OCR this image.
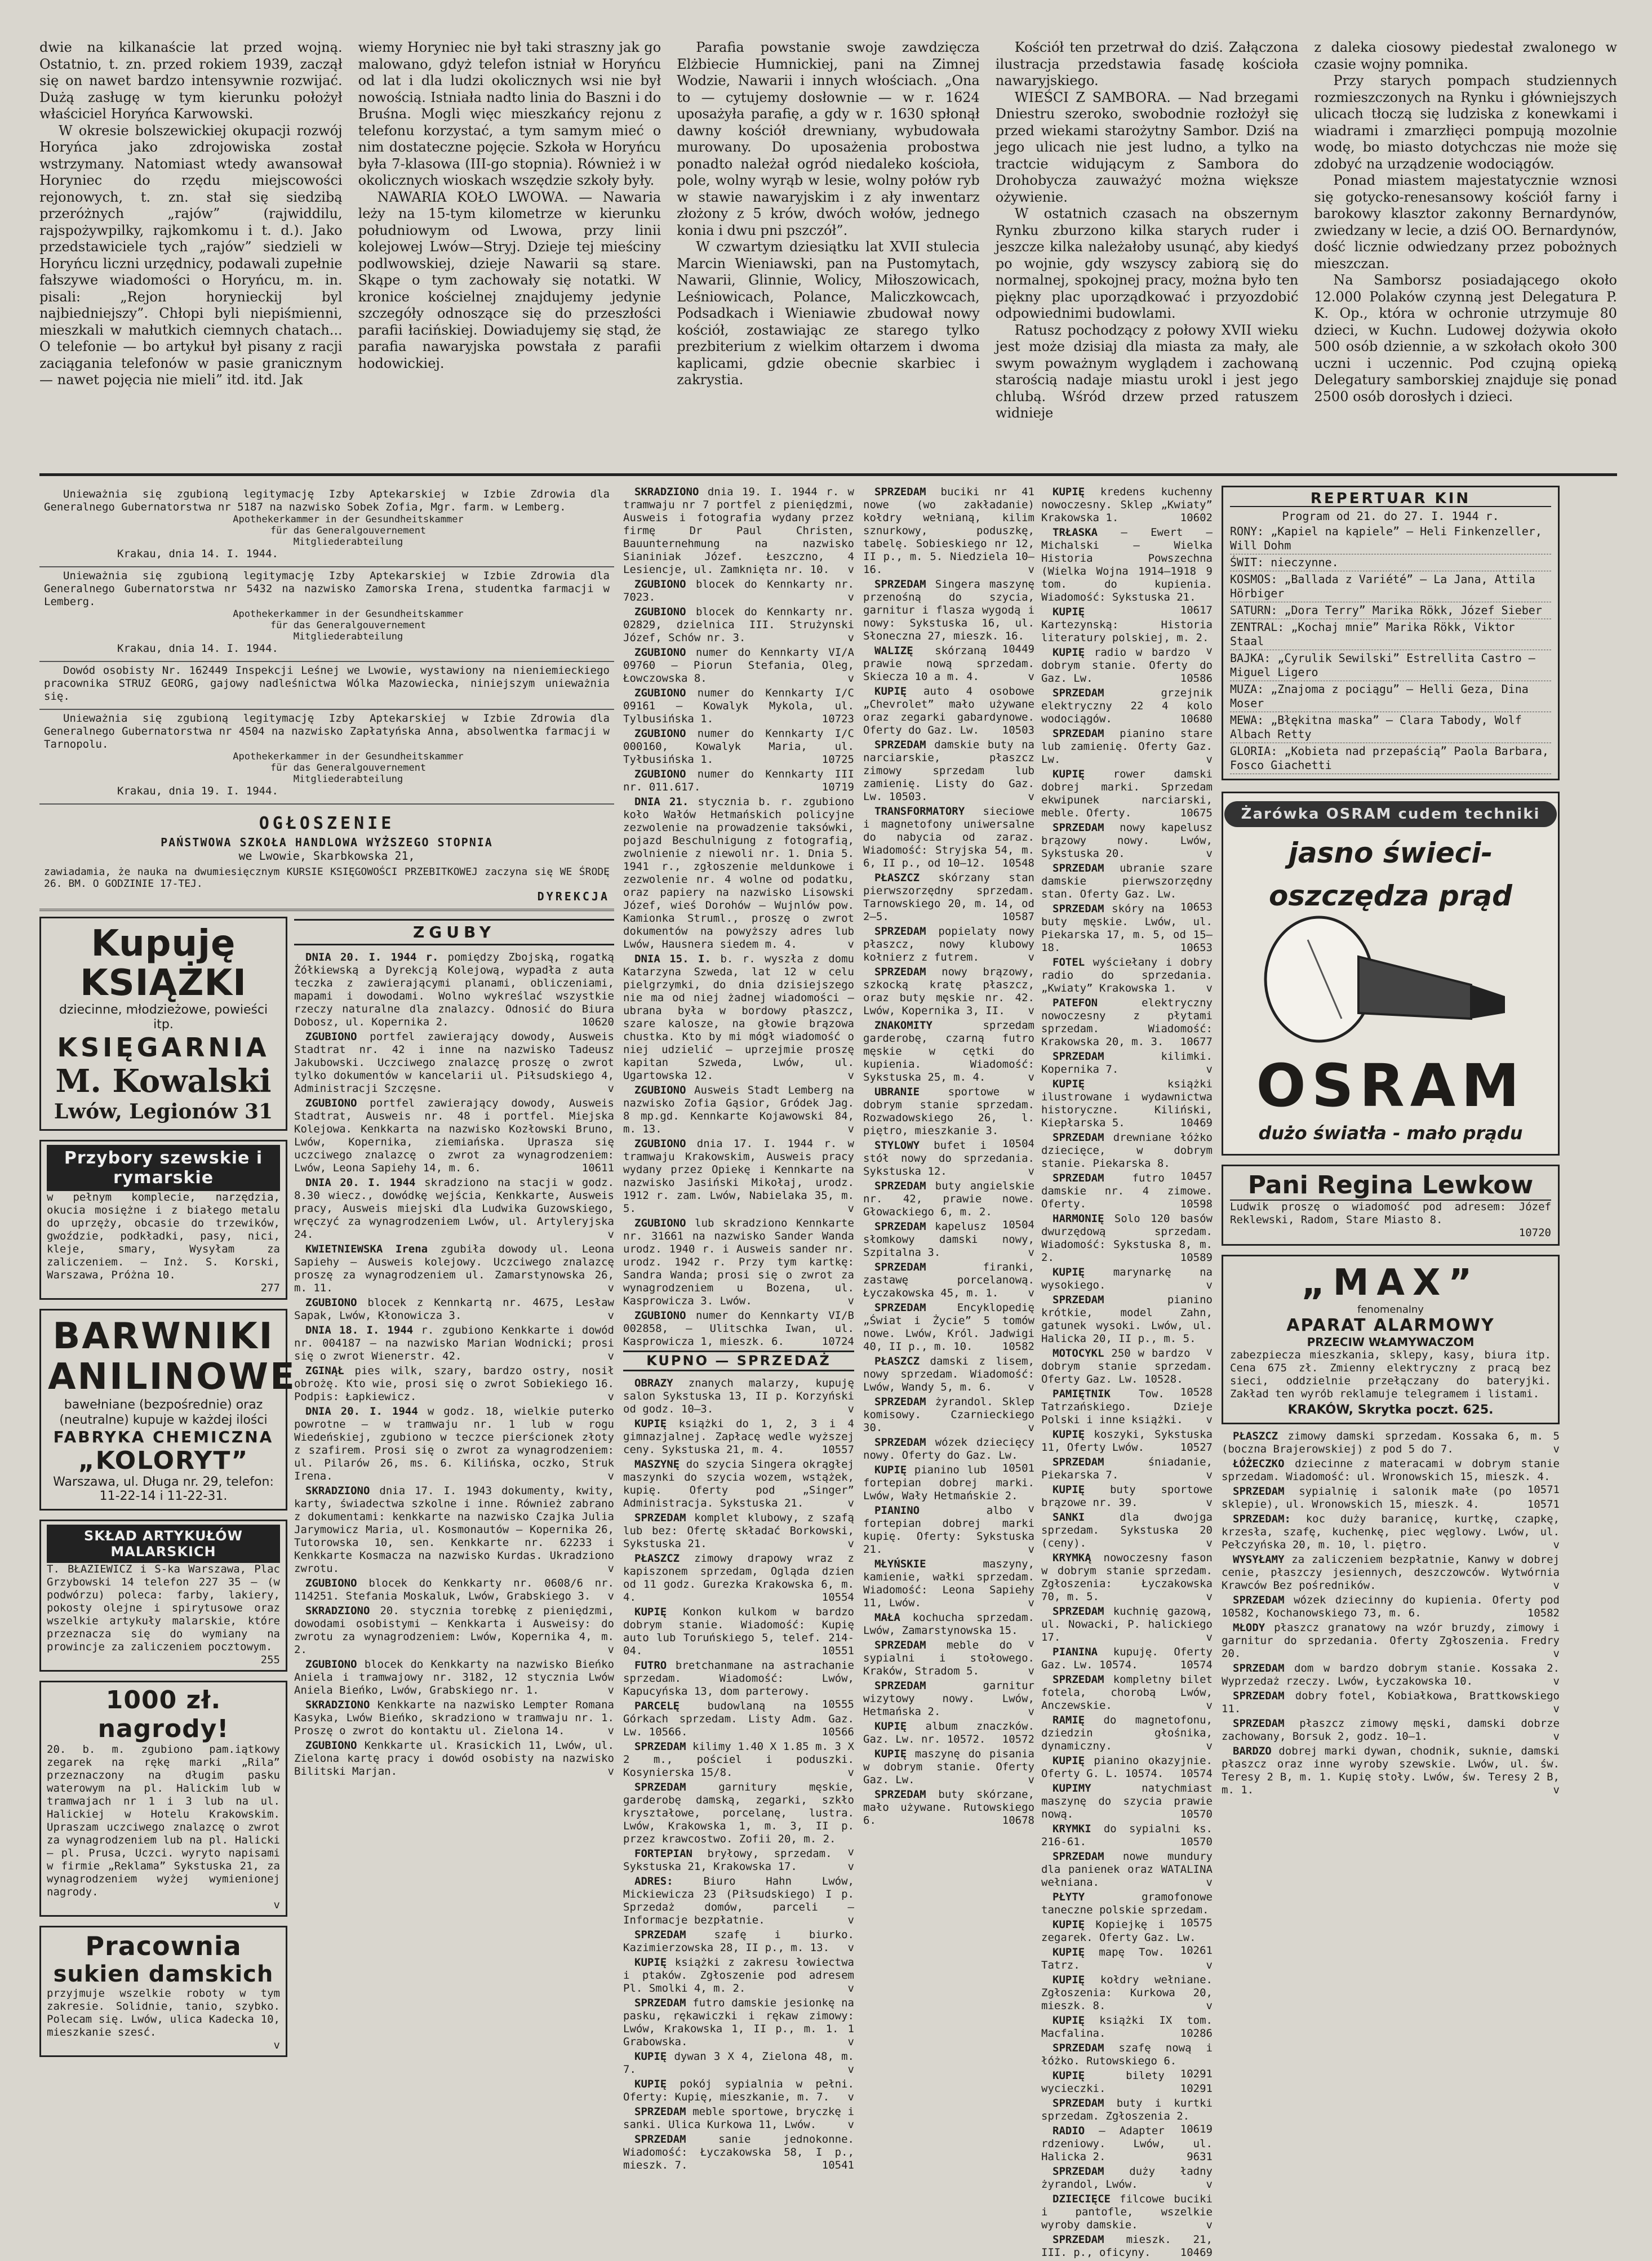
dwie na kilkanaście lat przed wojną. Ostatnio, t. zn. przed rokiem 1939, zaczął się on nawet bardzo intensywnie rozwijać. Dużą zasługę w tym kierunku położył właściciel Horyńca Karwowski.

W okresie bolszewickiej okupacji rozwój Horyńca jako zdrojowiska został wstrzymany. Natomiast wtedy awansował Horyniec do rzędu miejscowości rejonowych, t. zn. stał się siedzibą przeróżnych „rajów” (rajwiddilu, rajspożywpilky, rajkomkomu i t. d.). Jako przedstawiciele tych „rajów” siedzieli w Horyńcu liczni urzędnicy, podawali zupełnie fałszywe wiadomości o Horyńcu, m. in. pisali: „Rejon horynieckij byl najbiedniejszy”. Chłopi byli niepiśmienni, mieszkali w małutkich ciemnych chatach... O telefonie — bo artykuł był pisany z racji zaciągania telefonów w pasie granicznym — nawet pojęcia nie mieli” itd. itd. Jak

wiemy Horyniec nie był taki straszny jak go malowano, gdyż telefon istniał w Horyńcu od lat i dla ludzi okolicznych wsi nie był nowością. Istniała nadto linia do Baszni i do Bruśna. Mogli więc mieszkańcy rejonu z telefonu korzystać, a tym samym mieć o nim dostateczne pojęcie. Szkoła w Horyńcu była 7-klasowa (III-go stopnia). Również i w okolicznych wioskach wszędzie szkoły były.

NAWARIA KOŁO LWOWA. — Nawaria leży na 15-tym kilometrze w kierunku południowym od Lwowa, przy linii kolejowej Lwów—Stryj. Dzieje tej mieściny podlwowskiej, dzieje Nawarii są stare. Skąpe o tym zachowały się notatki. W kronice kościelnej znajdujemy jedynie szczegóły odnoszące się do przeszłości parafii łacińskiej. Dowiadujemy się stąd, że parafia nawaryjska powstała z parafii hodowickiej.

Parafia powstanie swoje zawdzięcza Elżbiecie Humnickiej, pani na Zimnej Wodzie, Nawarii i innych włościach. „Ona to — cytujemy dosłownie — w r. 1624 uposażyła parafię, a gdy w r. 1630 spłonął dawny kościół drewniany, wybudowała murowany. Do uposażenia probostwa ponadto należał ogród niedaleko kościoła, pole, wolny wyrąb w lesie, wolny połów ryb w stawie nawaryjskim i z ały inwentarz złożony z 5 krów, dwóch wołów, jednego konia i dwu pni pszczół”.

W czwartym dziesiątku lat XVII stulecia Marcin Wieniawski, pan na Pustomytach, Nawarii, Glinnie, Wolicy, Miłoszowicach, Leśniowicach, Polance, Maliczkowcach, Podsadkach i Wieniawie zbudował nowy kościół, zostawiając ze starego tylko prezbiterium z wielkim ołtarzem i dwoma kaplicami, gdzie obecnie skarbiec i zakrystia.

Kościół ten przetrwał do dziś. Załączona ilustracja przedstawia fasadę kościoła nawaryjskiego.

WIEŚCI Z SAMBORA. — Nad brzegami Dniestru szeroko, swobodnie rozłożył się przed wiekami starożytny Sambor. Dziś na jego ulicach nie jest ludno, a tylko na tractcie widującym z Sambora do Drohobycza zauważyć można większe ożywienie.

W ostatnich czasach na obszernym Rynku zburzono kilka starych ruder i jeszcze kilka należałoby usunąć, aby kiedyś po wojnie, gdy wszyscy zabiorą się do normalnej, spokojnej pracy, można było ten piękny plac uporządkować i przyozdobić odpowiednimi budowlami.

Ratusz pochodzący z połowy XVII wieku jest może dzisiaj dla miasta za mały, ale swym poważnym wyglądem i zachowaną starością nadaje miastu urokl i jest jego chlubą. Wśród drzew przed ratuszem widnieje

z daleka ciosowy piedestał zwalonego w czasie wojny pomnika.

Przy starych pompach studziennych rozmieszczonych na Rynku i główniejszych ulicach tłoczą się ludziska z konewkami i wiadrami i zmarzłięci pompują mozolnie wodę, bo miasto dotychczas nie może się zdobyć na urządzenie wodociągów.

Ponad miastem majestatycznie wznosi się gotycko-renesansowy kościół farny i barokowy klasztor zakonny Bernardynów, zwiedzany w lecie, a dziś OO. Bernardynów, dość licznie odwiedzany przez pobożnych mieszczan.

Na Samborsz posiadającego około 12.000 Polaków czynną jest Delegatura P. K. Op., która w ochronie utrzymuje 80 dzieci, w Kuchn. Ludowej dożywia około 500 osób dziennie, a w szkołach około 300 uczni i uczennic. Pod czujną opieką Delegatury samborskiej znajduje się ponad 2500 osób dorosłych i dzieci.

Unieważnia się zgubioną legitymację Izby Aptekarskiej w Izbie Zdrowia dla Generalnego Gubernatorstwa nr 5187 na nazwisko Sobek Zofia, Mgr. farm. w Lemberg.
Apothekerkammer in der Gesundheitskammer für das Generalgouvernement Mitgliederabteilung
Krakau, dnia 14. I. 1944.
Unieważnia się zgubioną legitymację Izby Aptekarskiej w Izbie Zdrowia dla Generalnego Gubernatorstwa nr 5432 na nazwisko Zamorska Irena, studentka farmacji w Lemberg.
Apothekerkammer in der Gesundheitskammer für das Generalgouvernement Mitgliederabteilung
Krakau, dnia 14. I. 1944.
Dowód osobisty Nr. 162449 Inspekcji Leśnej we Lwowie, wystawiony na nieniemieckiego pracownika STRUZ GEORG, gajowy nadleśnictwa Wólka Mazowiecka, niniejszym unieważnia się.
Unieważnia się zgubioną legitymację Izby Aptekarskiej w Izbie Zdrowia dla Generalnego Gubernatorstwa nr 4504 na nazwisko Zapłatyńska Anna, absolwentka farmacji w Tarnopolu.
Apothekerkammer in der Gesundheitskammer für das Generalgouvernement Mitgliederabteilung
Krakau, dnia 19. I. 1944.
OGŁOSZENIE
PAŃSTWOWA SZKOŁA HANDLOWA WYŻSZEGO STOPNIA
we Lwowie, Skarbkowska 21,
zawiadamia, że nauka na dwumiesięcznym KURSIE KSIĘGOWOŚCI PRZEBITKOWEJ zaczyna się WE ŚRODĘ 26. BM. O GODZINIE 17-TEJ.
DYREKCJA
Kupuję KSIĄŻKI
dziecinne, młodzieżowe, powieści itp.
KSIĘGARNIA
M. Kowalski
Lwów, Legionów 31
Przybory szewskie i rymarskie
w pełnym komplecie, narzędzia, okucia mosiężne i z białego metalu do uprzęży, obcasie do trzewików, gwoździe, podkładki, pasy, nici, kleje, smary, Wysyłam za zaliczeniem. — Inż. S. Korski, Warszawa, Próżna 10.
277
BARWNIKI
ANILINOWE
bawełniane (bezpośrednie) oraz (neutralne) kupuje w każdej ilości
FABRYKA CHEMICZNA
„KOLORYT”
Warszawa, ul. Długa nr. 29, telefon: 11-22-14 i 11-22-31.
SKŁAD ARTYKUŁÓW MALARSKICH
T. BŁAZIEWICZ i S-ka Warszawa, Plac Grzybowski 14 telefon 227 35 — (w podwórzu) poleca: farby, lakiery, pokosty olejne i spirytusowe oraz wszelkie artykuły malarskie, które przeznacza się do wymiany na prowincje za zaliczeniem pocztowym.
255
1000 zł. nagrody!
20. b. m. zgubiono pam.iątkowy zegarek na rękę marki „Rila” przeznaczony na długim pasku waterowym na pl. Halickim lub w tramwajach nr 1 i 3 lub na ul. Halickiej w Hotelu Krakowskim. Upraszam uczciwego znalazcę o zwrot za wynagrodzeniem lub na pl. Halicki — pl. Prusa, Uczci. wyryto napisami w firmie „Reklama” Sykstuska 21, za wynagrodzeniem wyżej wymienionej nagrody.
v
Pracownia
sukien damskich
przyjmuje wszelkie roboty w tym zakresie. Solidnie, tanio, szybko. Polecam się. Lwów, ulica Kadecka 10, mieszkanie szesć.
v
ZGUBY

DNIA 20. I. 1944 r. pomiędzy Zbojską, rogatką Żółkiewską a Dyrekcją Kolejową, wypadła z auta teczka z zawierającymi planami, obliczeniami, mapami i dowodami. Wolno wykreślać wszystkie rzeczy naturalne dla znalazcy. Odnosić do Biura Dobosz, ul. Kopernika 2.	10620

ZGUBIONO portfel zawierający dowody, Ausweis Stadtrat nr. 42 i inne na nazwisko Tadeusz Jakubowski. Uczciwego znalazcę proszę o zwrot tylko dokumentów w kancelarii ul. Piłsudskiego 4, Administracji Szczęsne.	v

ZGUBIONO portfel zawierający dowody, Ausweis Stadtrat, Ausweis nr. 48 i portfel. Miejska Kolejowa. Kenkkarta na nazwisko Kozłowski Bruno, Lwów, Kopernika, ziemiańska. Uprasza się uczciwego znalazcę o zwrot za wynagrodzeniem: Lwów, Leona Sapiehy 14, m. 6.	10611

DNIA 20. I. 1944 skradziono na stacji w godz. 8.30 wiecz., dowódkę wejścia, Kenkkarte, Ausweis pracy, Ausweis miejski dla Ludwika Guzowskiego, wręczyć za wynagrodzeniem Lwów, ul. Artyleryjska 24.	v

KWIETNIEWSKA Irena zgubiła dowody ul. Leona Sapiehy — Ausweis kolejowy. Uczciwego znalazcę proszę za wynagrodzeniem ul. Zamarstynowska 26, m. 11.	v

ZGUBIONO blocek z Kennkartą nr. 4675, Lesław Sapak, Lwów, Kłonowicza 3.	v

DNIA 18. I. 1944 r. zgubiono Kenkkarte i dowód nr. 004187 — na nazwisko Marian Wodnicki; prosi się o zwrot Wienerstr. 42.	v

ZGINĄŁ pies wilk, szary, bardzo ostry, nosił obrożę. Kto wie, prosi się o zwrot Sobiekiego 16. Podpis: Łapkiewicz.	v

DNIA 20. I. 1944 w godz. 18, wielkie puterko powrotne — w tramwaju nr. 1 lub w rogu Wiedeńskiej, zgubiono w teczce pierścionek złoty z szafirem. Prosi się o zwrot za wynagrodzeniem: ul. Pilarów 26, ms. 6. Kilińska, oczko, Struk Irena.	v

SKRADZIONO dnia 17. I. 1943 dokumenty, kwity, karty, świadectwa szkolne i inne. Również zabrano z dokumentami: kenkkarte na nazwisko Czajka Julia Jarymowicz Maria, ul. Kosmonautów — Kopernika 26, Tutorowska 10, sen. Kenkkarte nr. 62233 i Kenkkarte Kosmacza na nazwisko Kurdas. Ukradziono zwrotu.	v

ZGUBIONO blocek do Kenkkarty nr. 0608/6 nr. 114251. Stefania Moskaluk, Lwów, Grabskiego 3.	v

SKRADZIONO 20. stycznia torebkę z pieniędzmi, dowodami osobistymi — Kenkkarta i Ausweisy: do zwrotu za wynagrodzeniem: Lwów, Kopernika 4, m. 2.	v

ZGUBIONO blocek do Kenkkarty na nazwisko Bieńko Aniela i tramwajowy nr. 3182, 12 stycznia Lwów Aniela Bieńko, Lwów, Grabskiego nr. 1.	v

SKRADZIONO Kenkkarte na nazwisko Lempter Romana Kasyka, Lwów Bieńko, skradziono w tramwaju nr. 1. Proszę o zwrot do kontaktu ul. Zielona 14.	v

ZGUBIONO Kenkkarte ul. Krasickich 11, Lwów, ul. Zielona kartę pracy i dowód osobisty na nazwisko Bilitski Marjan.	v

SKRADZIONO dnia 19. I. 1944 r. w tramwaju nr 7 portfel z pieniędzmi, Ausweis i fotografia wydany przez firmę Dr Paul Christen, Bauunternehmung na nazwisko Sianiniak Józef. Łeszczno, 4 Lesiencje, ul. Zamknięta nr. 10.	v

ZGUBIONO blocek do Kennkarty nr. 7023.	v

ZGUBIONO blocek do Kennkarty nr. 02829, dzielnica III. Strużynski Józef, Schów nr. 3.	v

ZGUBIONO numer do Kennkarty VI/A 09760 — Piorun Stefania, Oleg, Łowczowska 8.	v

ZGUBIONO numer do Kennkarty I/C 09161 — Kowalyk Mykola, ul. Tylbusińska 1.	10723

ZGUBIONO numer do Kennkarty I/C 000160, Kowalyk Maria, ul. Tyłbusińska 1.	10725

ZGUBIONO numer do Kennkarty III nr. 011.617.	10719

DNIA 21. stycznia b. r. zgubiono koło Wałów Hetmańskich policyjne zezwolenie na prowadzenie taksówki, pojazd Beschulnigung z fotografią, zwolnienie z niewoli nr. 1. Dnia 5. 1941 r., zgłoszenie meldunkowe i zezwolenie nr. 4 wolne od podatku, oraz papiery na nazwisko Lisowski Józef, wieś Dorohów — Wujnlów pow. Kamionka Struml., proszę o zwrot dokumentów na powyższy adres lub Lwów, Hausnera siedem m. 4.	v

DNIA 15. I. b. r. wyszła z domu Katarzyna Szweda, lat 12 w celu pielgrzymki, do dnia dzisiejszego nie ma od niej żadnej wiadomości — ubrana była w bordowy płaszcz, szare kalosze, na głowie brązowa chustka. Kto by mi mógł wiadomość o niej udzielić — uprzejmie proszę kapitan Szweda, Lwów, ul. Ugartowska 12.	v

ZGUBIONO Ausweis Stadt Lemberg na nazwisko Zofia Gąsior, Gródek Jag. 8 mp.gd. Kennkarte Kojawowski 84, m. 13.	v

ZGUBIONO dnia 17. I. 1944 r. w tramwaju Krakowskim, Ausweis pracy wydany przez Opiekę i Kennkarte na nazwisko Jasiński Mikołaj, urodz. 1912 r. zam. Lwów, Nabielaka 35, m. 5.	v

ZGUBIONO lub skradziono Kennkarte nr. 31661 na nazwisko Sander Wanda urodz. 1940 r. i Ausweis sander nr. urodz. 1942 r. Przy tym kartkę: Sandra Wanda; prosi się o zwrot za wynagrodzeniem u Bozena, ul. Kasprowicza 3. Lwów.	v

ZGUBIONO numer do Kennkarty VI/B 002858, — Ulitschka Iwan, ul. Kasprowicza 1, mieszk. 6.	10724

KUPNO — SPRZEDAŻ

OBRAZY znanych malarzy, kupuję salon Sykstuska 13, II p. Korzyński od godz. 10—3.	v

KUPIĘ książki do 1, 2, 3 i 4 gimnazjalnej. Zapłacę wedle wyższej ceny. Sykstuska 21, m. 4.	10557

MASZYNĘ do szycia Singera okrągłej maszynki do szycia wozem, wstążek, kupię. Oferty pod „Singer” Administracja. Sykstuska 21.	v

SPRZEDAM komplet klubowy, z szafą lub bez: Ofertę składać Borkowski, Sykstuska 21.	v

PŁASZCZ zimowy drapowy wraz z kapiszonem sprzedam, Ogląda dzien od 11 godz. Gurezka Krakowska 6, m. 4.	10554

KUPIĘ Konkon kulkom w bardzo dobrym stanie. Wiadomość: Kupię auto lub Toruńskiego 5, telef. 214-04.	10551

FUTRO bretchanmane na astrachanie sprzedam. Wiadomość: Lwów, Kapucyńska 13, dom parterowy.
10555

PARCELĘ	budowlaną na Górkach sprzedam. Listy Adm. Gaz. Lw. 10566.	10566

SPRZEDAM kilimy 1.40 X 1.85 m. 3 X 2 m., pościel i poduszki. Kosynierska 15/8.	v

SPRZEDAM	garnitury męskie, garderobę damską, zegarki, szkło kryształowe, porcelanę, lustra. Lwów, Krakowska 1, m. 3, II p. przez krawcostwo. Zofii 20, m. 2.
v

FORTEPIAN bryłowy, sprzedam. Sykstuska 21, Krakowska 17.	v

ADRES:	Biuro Hahn Lwów, Mickiewicza 23 (Piłsudskiego) I p. Sprzedaż domów, parceli — Informacje bezpłatnie.	v

SPRZEDAM	szafę i biurko. Kazimierzowska 28, II p., m. 13.	v

KUPIĘ książki z zakresu łowiectwa i ptaków. Zgłoszenie pod adresem Pl. Smolki 4, m. 2.	v

SPRZEDAM futro damskie jesionkę na pasku, rękawiczki i rękaw zimowy: Lwów, Krakowska 1, II p., m. 1. 1 Grabowska.	v

KUPIĘ dywan 3 X 4, Zielona 48, m. 7.	v

KUPIĘ pokój sypialnia w pełni. Oferty: Kupię, mieszkanie, m. 7.	v

SPRZEDAM meble sportowe, bryczkę i sanki. Ulica Kurkowa 11, Lwów.	v

SPRZEDAM	sanie jednokonne. Wiadomość: Łyczakowska 58, I p., mieszk. 7.	10541

SPRZEDAM buciki nr 41 nowe (wo zakładanie) kołdry wełnianą, kilim sznurkowy, poduszkę, tabelę. Sobieskiego nr 12, II p., m. 5. Niedziela 10—16.	v

SPRZEDAM Singera maszynę przenośną do szycia, garnitur i flasza wygodą i nowy: Sykstuska 16, ul. Słoneczna 27, mieszk. 16.
10449

WALIZĘ skórzaną prawie nową sprzedam. Skiecza 10 a m. 4.	v

KUPIĘ auto 4 osobowe „Chevrolet” mało używane oraz zegarki gabardynowe. Oferty do Gaz. Lw.	10503

SPRZEDAM damskie buty na narciarskie, płaszcz zimowy sprzedam lub zamienię. Listy do Gaz. Lw. 10503.	v

TRANSFORMATORY sieciowe i magnetofony uniwersalne do nabycia od zaraz. Wiadomość: Stryjska 54, m. 6, II p., od 10—12.	10548

PŁASZCZ skórzany stan pierwszorzędny sprzedam. Tarnowskiego 20, m. 14, od 2—5.	10587

SPRZEDAM popielaty nowy płaszcz, nowy klubowy kołnierz z futrem.	v

SPRZEDAM nowy brązowy, szkocką kratę płaszcz, oraz buty męskie nr. 42. Lwów, Kopernika 3, II.	v

ZNAKOMITY	sprzedam garderobę, czarną futro męskie w cętki do kupienia. Wiadomość: Sykstuska 25, m. 4.	v

UBRANIE	sportowe w dobrym stanie sprzedam. Rozwadowskiego 26, l. piętro, mieszkanie 3.
10504

STYLOWY bufet i stół nowy do sprzedania. Sykstuska 12.	v

SPRZEDAM buty angielskie nr. 42, prawie nowe. Głowackiego 6, m. 2.
10504

SPRZEDAM kapelusz słomkowy damski nowy, Szpitalna 3.	v

SPRZEDAM	firanki, zastawę porcelanową. Łyczakowska 45, m. 1.	v

SPRZEDAM	Encyklopedię „Świat i Życie” 5 tomów nowe. Lwów, Król. Jadwigi 40, II p., m. 10.	10582

PŁASZCZ damski z lisem, nowy sprzedam. Wiadomość: Lwów, Wandy 5, m. 6.	v

SPRZEDAM żyrandol. Sklep komisowy. Czarnieckiego 30.	v

SPRZEDAM wózek dziecięcy nowy. Oferty do Gaz. Lw.
10501

KUPIĘ pianino lub fortepian dobrej marki. Lwów, Wały Hetmańskie 2.
v

PIANINO	albo fortepian dobrej marki kupię. Oferty: Sykstuska 21.	v

MŁYŃSKIE	maszyny, kamienie, wałki sprzedam. Wiadomość: Leona Sapiehy 11, Lwów.	v

MAŁA kochucha sprzedam. Lwów, Zamarstynowska 15.
v

SPRZEDAM meble do sypialni i stołowego. Kraków, Stradom 5.	v

SPRZEDAM	garnitur wizytowy nowy. Lwów, Hetmańska 2.	v

KUPIĘ album znaczków. Gaz. Lw. nr. 10572.	10572

KUPIĘ maszynę do pisania w dobrym stanie. Oferty Gaz. Lw.	v

SPRZEDAM buty skórzane, mało używane. Rutowskiego 6.	10678

KUPIĘ kredens kuchenny nowoczesny. Sklep „Kwiaty” Krakowska 1.	10602

TRŁASKA — Ewert — Michalski — Wielka Historia Powszechna (Wielka Wojna 1914—1918 9 tom. do kupienia. Wiadomość: Sykstuska 21.
10617

KUPIĘ Kartezynską: Historia literatury polskiej, m. 2.
v

KUPIĘ radio w bardzo dobrym stanie. Oferty do Gaz. Lw.	10586

SPRZEDAM	grzejnik elektryczny 22 4 kolo wodociągów.	10680

SPRZEDAM pianino stare lub zamienię. Oferty Gaz. Lw.	v

KUPIĘ	rower damski dobrej marki. Sprzedam ekwipunek narciarski, meble. Oferty.	10675

SPRZEDAM nowy kapelusz brązowy nowy. Lwów, Sykstuska 20.	v

SPRZEDAM ubranie szare damskie pierwszorzędny stan. Oferty Gaz. Lw.
10653

SPRZEDAM skóry na buty męskie. Lwów, ul. Piekarska 17, m. 5, od 15—18.	10653

FOTEL wyściełany i dobry radio do sprzedania. „Kwiaty” Krakowska 1.	v

PATEFON	elektryczny nowoczesny z płytami sprzedam. Wiadomość: Krakowska 20, m. 3.	10677

SPRZEDAM	kilimki. Kopernika 7.	v

KUPIĘ	książki ilustrowane i wydawnictwa historyczne. Kiliński, Kiepłarska 5.	10469

SPRZEDAM drewniane łóżko dziecięce, w dobrym stanie. Piekarska 8.
10457

SPRZEDAM	futro damskie nr. 4 zimowe. Oferty.	10598

HARMONIĘ Solo 120 basów dwurzędową sprzedam. Wiadomość: Sykstuska 8, m. 2.	10589

KUPIĘ	marynarkę na wysokiego.	v

SPRZEDAM	pianino krótkie, model Zahn, gatunek wysoki. Lwów, ul. Halicka 20, II p., m. 5.
v

MOTOCYKL 250 w bardzo dobrym stanie sprzedam. Oferty Gaz. Lw. 10528.
10528

PAMIĘTNIK	Tow. Tatrzańskiego. Dzieje Polski i inne książki.	v

KUPIĘ koszyki, Sykstuska 11, Oferty Lwów.	10527

SPRZEDAM	śniadanie, Piekarska 7.	v

KUPIĘ buty sportowe brązowe nr. 39.	v

SANKI	dla dwojga sprzedam. Sykstuska 20 (ceny).	v

KRYMKĄ nowoczesny fason w dobrym stanie sprzedam. Zgłoszenia: Łyczakowska 70, m. 5.	v

SPRZEDAM kuchnię gazową, ul. Nowacki, P. halickiego 17.	v

PIANINA kupuję. Oferty Gaz. Lw. 10574.	10574

SPRZEDAM kompletny bilet fotela, chorobą Lwów, Anczewskie.	v

RAMIĘ do magnetofonu, dziedzin głośnika, dynamiczny.	v

KUPIĘ pianino okazyjnie. Oferty G. L. 10574.	10574

KUPIMY	natychmiast maszynę do szycia prawie nową.	10570

KRYMKI do sypialni ks. 216-61.	10570

SPRZEDAM nowe mundury dla panienek oraz WATALINA wełniana.	v

PŁYTY	gramofonowe taneczne polskie sprzedam.
10575

KUPIĘ Kopiejkę i zegarek. Oferty Gaz. Lw.
10261

KUPIĘ mapę Tow. Tatrz.	v

KUPIĘ kołdry wełniane. Zgłoszenia: Kurkowa 20, mieszk. 8.	v

KUPIĘ książki IX tom. Macfalina.	10286

SPRZEDAM szafę nową i łóżko. Rutowskiego 6.
10291

KUPIĘ	bilety wycieczki.	10291

SPRZEDAM buty i kurtki sprzedam. Zgłoszenia 2.
10619

RADIO — Adapter rdzeniowy. Lwów, ul. Halicka 2.	9631

SPRZEDAM duży ładny żyrandol, Lwów.	v

DZIECIĘCE filcowe buciki i pantofle, wszelkie wyroby damskie.	v

SPRZEDAM mieszk. 21, III. p., oficyny.	10469

REPERTUAR KIN
Program od 21. do 27. I. 1944 r.
RONY: „Kapiel na kąpiele” — Heli Finkenzeller, Will Dohm
ŚWIT: nieczynne.
KOSMOS: „Ballada z Variété” — La Jana, Attila Hörbiger
SATURN: „Dora Terry” Marika Rökk, Józef Sieber
ZENTRAL: „Kochaj mnie” Marika Rökk, Viktor Staal
BAJKA: „Cyrulik Sewilski” Estrellita Castro — Miguel Ligero
MUZA: „Znajoma z pociągu” — Helli Geza, Dina Moser
MEWA: „Błękitna maska” — Clara Tabody, Wolf Albach Retty
GLORIA: „Kobieta nad przepaścią” Paola Barbara, Fosco Giachetti
Żarówka OSRAM cudem techniki
jasno świeci-
oszczędza prąd
OSRAM
dużo światła - mało prądu
Pani Regina Lewkow
Ludwik proszę o wiadomość pod adresem: Józef Reklewski, Radom, Stare Miasto 8.
10720
„MAX”
fenomenalny
APARAT ALARMOWY
PRZECIW WŁAMYWACZOM
zabezpiecza mieszkania, sklepy, kasy, biura itp. Cena 675 zł. Zmienny elektryczny z pracą bez sieci, oddzielnie przełączany do bateryjki. Zakład ten wyrób reklamuje telegramem i listami.
KRAKÓW, Skrytka poczt. 625.

PŁASZCZ zimowy damski sprzedam. Kossaka 6, m. 5 (boczna Brajerowskiej) z pod 5 do 7.	v

ŁÓŻECZKO dziecinne z materacami w dobrym stanie sprzedam. Wiadomość: ul. Wronowskich 15, mieszk. 4.
10571

SPRZEDAM sypialnię i salonik małe (po sklepie), ul. Wronowskich 15, mieszk. 4.	10571

SPRZEDAM: koc duży baranicę, kurtkę, czapkę, krzesła, szafę, kuchenkę, piec węglowy. Lwów, ul. Pełczyńska 20, m. 10, l. piętro.	v

WYSYŁAMY za zaliczeniem bezpłatnie, Kanwy w dobrej cenie, płaszczy jesiennych, deszczowców. Wytwórnia Krawców Bez pośredników.	v

SPRZEDAM wózek dziecinny do kupienia. Oferty pod 10582, Kochanowskiego 73, m. 6.	10582

MŁODY płaszcz granatowy na wzór bruzdy, zimowy i garnitur do sprzedania. Oferty Zgłoszenia. Fredry 20.	v

SPRZEDAM dom w bardzo dobrym stanie. Kossaka 2. Wyprzedaż rzeczy. Lwów, Łyczakowska 10.	v

SPRZEDAM dobry fotel, Kobiałkowa, Brattkowskiego 11.	v

SPRZEDAM płaszcz zimowy męski, damski dobrze zachowany, Borsuk 2, godz. 10—1.	v

BARDZO dobrej marki dywan, chodnik, suknie, damski płaszcz oraz inne wyroby szewskie. Lwów, ul. św. Teresy 2 B, m. 1. Kupię stoły. Lwów, św. Teresy 2 B, m. 1.	v
